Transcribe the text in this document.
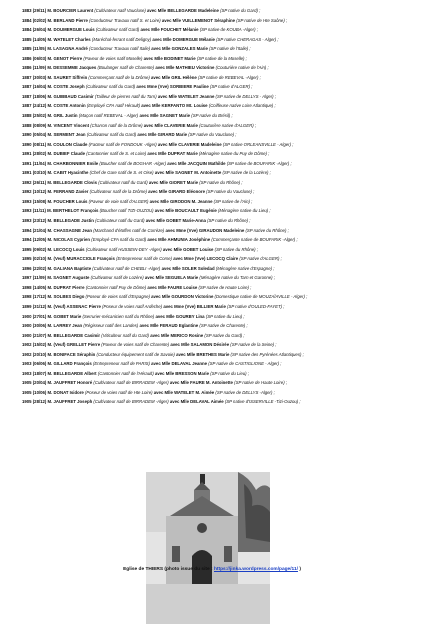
1883 (29/11) M. BOURCIER Laurent (Cultivateur natif Vaucluse) avec Mlle BELLEGARDE Madeleine (SP native du Gard) ;
1884 (02/02) M. BERLAND Pierre (Conducteur Travaux natif S. et Loire) avec Mlle VUILLEMENOT Séraphine (SP native de Hte Saône) ;
1884 (26/04) M. DOUMERGUE Louis (Cultivateur natif Gard) avec Mlle FOUCHET Mélanie (SP native de KOUBA -Alger) ;
1885 (14/05) M. WATELET Charles (Maréchal-ferrant natif Deligny) avec Mlle DOMERGUE Mélanie (SP native CHERAGAS - Alger) ;
1885 (11/05) M. LASAGNA André (Conducteur Travaux natif Italie) avec Mlle GONZALES Marie (SP native de l'Italie) ;
1886 (06/03) M. GENOT Pierre (Paveur de voies natif Moselle) avec Mlle BODINET Marie (SP native de la Moselle) ;
1886 (11/09) M. DESSEMME Jacques (Boulanger natif de Charente) avec Mlle MATHIEU Victorine (Couturière native de l'Ain) ;
1887 (30/03) M. SAURET Siffrein (Commerçant natif de la Drôme) avec Mlle GRIL Hélène (SP native de REBEVAL -Alger) ;
1887 (16/04) M. COSTE Joseph (Cultivateur natif du Gard) avec Mme (Vve) SORBIERE Pauline (SP native d'ALGER) ;
1887 (18/06) M. GUIBBAUD Casimir (Tailleur de pierres natif du Tarn) avec Mlle WATELET Jeanne (SP native de DELLYS - Alger) ;
1887 (24/12) M. COSTE Antonin (Employé CFA natif Hérault) avec Mlle KERFANTO Mt. Louise (Coiffeuse native Loire Atlantique) ;
1888 (25/02) M. GRIL Justin (Maçon natif REBEVAL - Alger) avec Mlle SAGNET Marie (SP native du Brésil) ;
1888 (08/09) M. VINCENT Vincent (Charron natif de la Drôme) avec Mlle CLAVERIE Marie (Couturière native d'ALGER) ;
1890 (05/04) M. SERMENT Jean (Cultivateur natif du Gard) avec Mlle GIRARD Marie (SP native du Vaucluse) ;
1890 (08/11) M. COULON Claude (Facteur natif de FONDOUK -Alger) avec Mlle CLAVERIE Madeleine (SP native ORLEANSVILLE - Alger) ;
1891 (28/02) M. DUBIEF Claude (Cantonnier natif de S. et Loire) avec Mlle DUPRAT Marie (Ménagère native du Puy de Dôme) ;
1891 (11/04) M. CHARBONNIER Emile (Boucher natif de BOGHAR -Alger) avec Mlle JACQUIN Mathilde (SP native de BOUFARIK -Alger) ;
1891 (03/10) M. CABIT Hyacinthe (Chef de Gare natif de S. et Oise) avec Mlle SAGNET M. Antoinette (SP native de la Lozère) ;
1892 (26/11) M. BELLEGARDE Clovis (Cultivateur natif du Gard) avec Mlle GIORET Marie (SP native du Rhône) ;
1892 (10/12) M. FERRAND Zavier (Cultivateur natif de la Drôme) avec Mlle GIRARD Eléonore (SP native du Vaucluse) ;
1893 (15/08) M. FOUCHER Louis (Paveur de voie natif d'ALGER) avec Mlle GIRODON M. Jeanne (SP native de l'Ain) ;
1893 (11/11) M. BERTHELOT François (Boucher natif TIZI-OUZOU) avec Mlle BOUCAULT Eugénie (Ménagère native du Lieu) ;
1893 (23/12) M. BELLEGADE Justin (Cultivateur natif du Gard) avec Mlle GOBET Marie-Anna (SP native du Rhône) ;
1894 (21/04) M. CHASSAGNE Jean (Marchand d'étoffes natif de Corrèze) avec Mme (Vve) GIRAUDON Madeleine (SP native du Rhône) ;
1894 (12/05) M. NICOLAS Cyprien (Employé CFA natif du Gard) avec Mlle AHMUNIA Joséphine (Commerçante native de BOUFARIK -Alger) ;
1895 (09/02) M. LECOCQ Louis (Cultivateur natif HUSSEIN-DEY -Alger) avec Mlle GOBET Louise (SP native du Rhône) ;
1895 (02/10) M. (Veuf) MURACCIOLE François (Entrepreneur natif de Corse) avec Mme (Vve) LECOCQ Claire (SP native d'ALGER) ;
1896 (22/02) M. GALIANA Baptiste (Cultivateur natif de CHEBLI -Alger) avec Mlle SOLER Soledad (Ménagère native d'Espagne) ;
1897 (11/09) M. SAGNET Auguste (Cultivateur natif de Lozère) avec Mlle SEGUELA Marie (Ménagère native du Tarn et Garonne) ;
1898 (14/05) M. DUPRAT Pierre (Cantonnier natif Puy de Dôme) avec Mlle FAURE Louise (SP native de Haute Loire) ;
1898 (17/12) M. SOLBES Diego (Poseur de voies natif d'Espagne) avec Mlle GOURDON Victorine (Domestique native de MOUZAÏAVILLE - Alger) ;
1899 (31/12) M. (Veuf) ASSENAC Pierre (Poseur de voies natif Ardèche) avec Mme (Vve) BILLIER Marie (SP native d'OULED-FAYET) ;
1900 (27/01) M. GOBET Marie (Serrurier-mécanicien natif du Rhône) avec Mlle GOURBY Lina (SP native du Lieu) ;
1900 (30/06) M. LARREY Jean (Régisseur natif des Landes) avec Mlle FERAUD Eglantine (SP native de Charente) ;
1900 (21/07) M. BELLEGARDE Casimir (Viticulteur natif du Gard) avec Mlle MERICO Rosine (SP native du Gard) ;
1902 (15/02) M. (Veuf) GRELLET Pierre (Paveur de voies natif de Charente) avec Mlle SALAMON Désirée (SP native de la Seine) ;
1902 (20/10) M. BONIFACE Séraphin (Conducteur équipement natif de Savoie) avec Mlle BRETHES Marie (SP native des Pyrénées Atlantiques) ;
1903 (06/06) M. GILLARD François (Entrepreneur natif de PARIS) avec Mlle DELAVAL Jeanne (SP native de CASTIGLIONE - Alger) ;
1903 (18/07) M. BELLEGARDE Albert (Cantonnier natif de l'Hérault) avec Mlle BRESSON Marie (SP native du Lieu) ;
1905 (20/04) M. JAUFFRET Honoré (Cultivateur natif de BIRRADEM -Alger) avec Mlle FAURE M. Antoinette (SP native de Haute Loire) ;
1905 (10/06) M. DONAT Isidore (Poseur de voies natif de Hte Loire) avec Mlle WATELET M. Aimée (SP native de DELLYS -Alger) ;
1905 (28/12) M. JAUFFRET Joseph (Cultivateur natif de BIRRADEM -Alger) avec Mlle DELAVAL Aimée (SP native d'ISSERVILLE -Tizi-Ouzou) ;
Eglise de THIERS (photo issue du site : https://jinka.wordpress.com/page/11/ )
